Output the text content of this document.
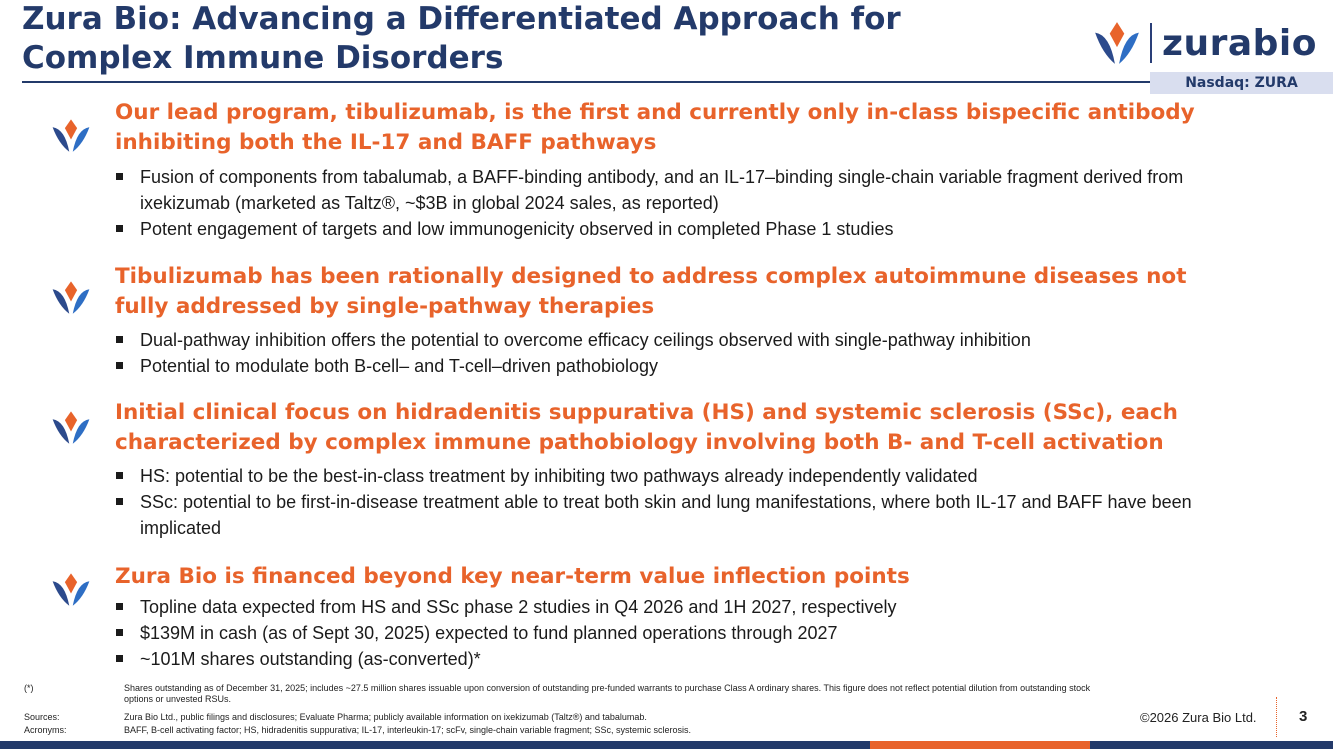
Zura Bio: Advancing a Differentiated Approach for Complex Immune Disorders	zurabio
Nasdaq: ZURA
Our lead program, tibulizumab, is the first and currently only in-class bispecific antibody inhibiting both the IL-17 and BAFF pathways
Fusion of components from tabalumab, a BAFF-binding antibody, and an IL-17–binding single-chain variable fragment derived from ixekizumab (marketed as Taltz®, ~$3B in global 2024 sales, as reported)
Potent engagement of targets and low immunogenicity observed in completed Phase 1 studies
Tibulizumab has been rationally designed to address complex autoimmune diseases not fully addressed by single-pathway therapies
Dual-pathway inhibition offers the potential to overcome efficacy ceilings observed with single-pathway inhibition
Potential to modulate both B-cell– and T-cell–driven pathobiology
Initial clinical focus on hidradenitis suppurativa (HS) and systemic sclerosis (SSc), each characterized by complex immune pathobiology involving both B- and T-cell activation
HS: potential to be the best-in-class treatment by inhibiting two pathways already independently validated
SSc: potential to be first-in-disease treatment able to treat both skin and lung manifestations, where both IL-17 and BAFF have been implicated
Zura Bio is financed beyond key near-term value inflection points
Topline data expected from HS and SSc phase 2 studies in Q4 2026 and 1H 2027, respectively
$139M in cash (as of Sept 30, 2025) expected to fund planned operations through 2027
~101M shares outstanding (as-converted)*
(*)	Shares outstanding as of December 31, 2025; includes ~27.5 million shares issuable upon conversion of outstanding pre-funded warrants to purchase Class A ordinary shares. This figure does not reflect potential dilution from outstanding stock options or unvested RSUs.
Sources:	Zura Bio Ltd., public filings and disclosures; Evaluate Pharma; publicly available information on ixekizumab (Taltz®) and tabalumab.
Acronyms:	BAFF, B-cell activating factor; HS, hidradenitis suppurativa; IL-17, interleukin-17; scFv, single-chain variable fragment; SSc, systemic sclerosis.
©2026 Zura Bio Ltd.	3
